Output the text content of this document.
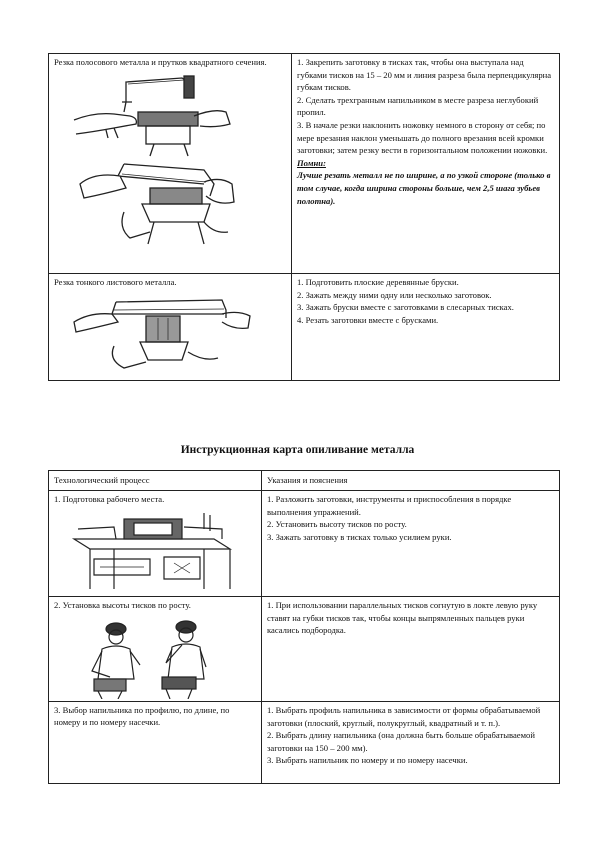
Резка полосового металла и прутков квадратного сечения.	1. Закрепить заготовку в тисках так, чтобы она выступала над губками тисков на 15 – 20 мм и линия разреза была перпендикулярна губкам тисков.
2. Сделать трехгранным напильником в месте разреза неглубокий пропил.
3. В начале резки наклонить ножовку немного в сторону от себя; по мере врезания наклон уменьшать до полного врезания всей кромки заготовки; затем резку вести в горизонтальном положении ножовки.
Помни:
Лучше резать металл не по ширине, а по узкой стороне (только в том случае, когда ширина стороны больше, чем 2,5 шага зубьев полотна).

Резка тонкого листового металла.	1. Подготовить плоские деревянные бруски.
2. Зажать между ними одну или несколько заготовок.
3. Зажать бруски вместе с заготовками в слесарных тисках.
4. Резать заготовки вместе с брусками.
Инструкционная карта опиливание металла
Технологический процесс	Указания и пояснения

1. Подготовка рабочего места.	1. Разложить заготовки, инструменты и приспособления в порядке выполнения упражнений.
2. Установить высоту тисков по росту.
3. Зажать заготовку в тисках только усилием руки.

2. Установка высоты тисков по росту.	1. При использовании параллельных тисков согнутую в локте левую руку ставят на губки тисков так, чтобы концы выпрямленных пальцев руки касались подбородка.

3. Выбор напильника по профилю, по длине, по номеру и по номеру насечки.	1. Выбрать профиль напильника в зависимости от формы обрабатываемой заготовки (плоский, круглый, полукруглый, квадратный и т. п.).
2. Выбрать длину напильника (она должна быть больше обрабатываемой заготовки на 150 – 200 мм).
3. Выбрать напильник по номеру и по номеру насечки.
